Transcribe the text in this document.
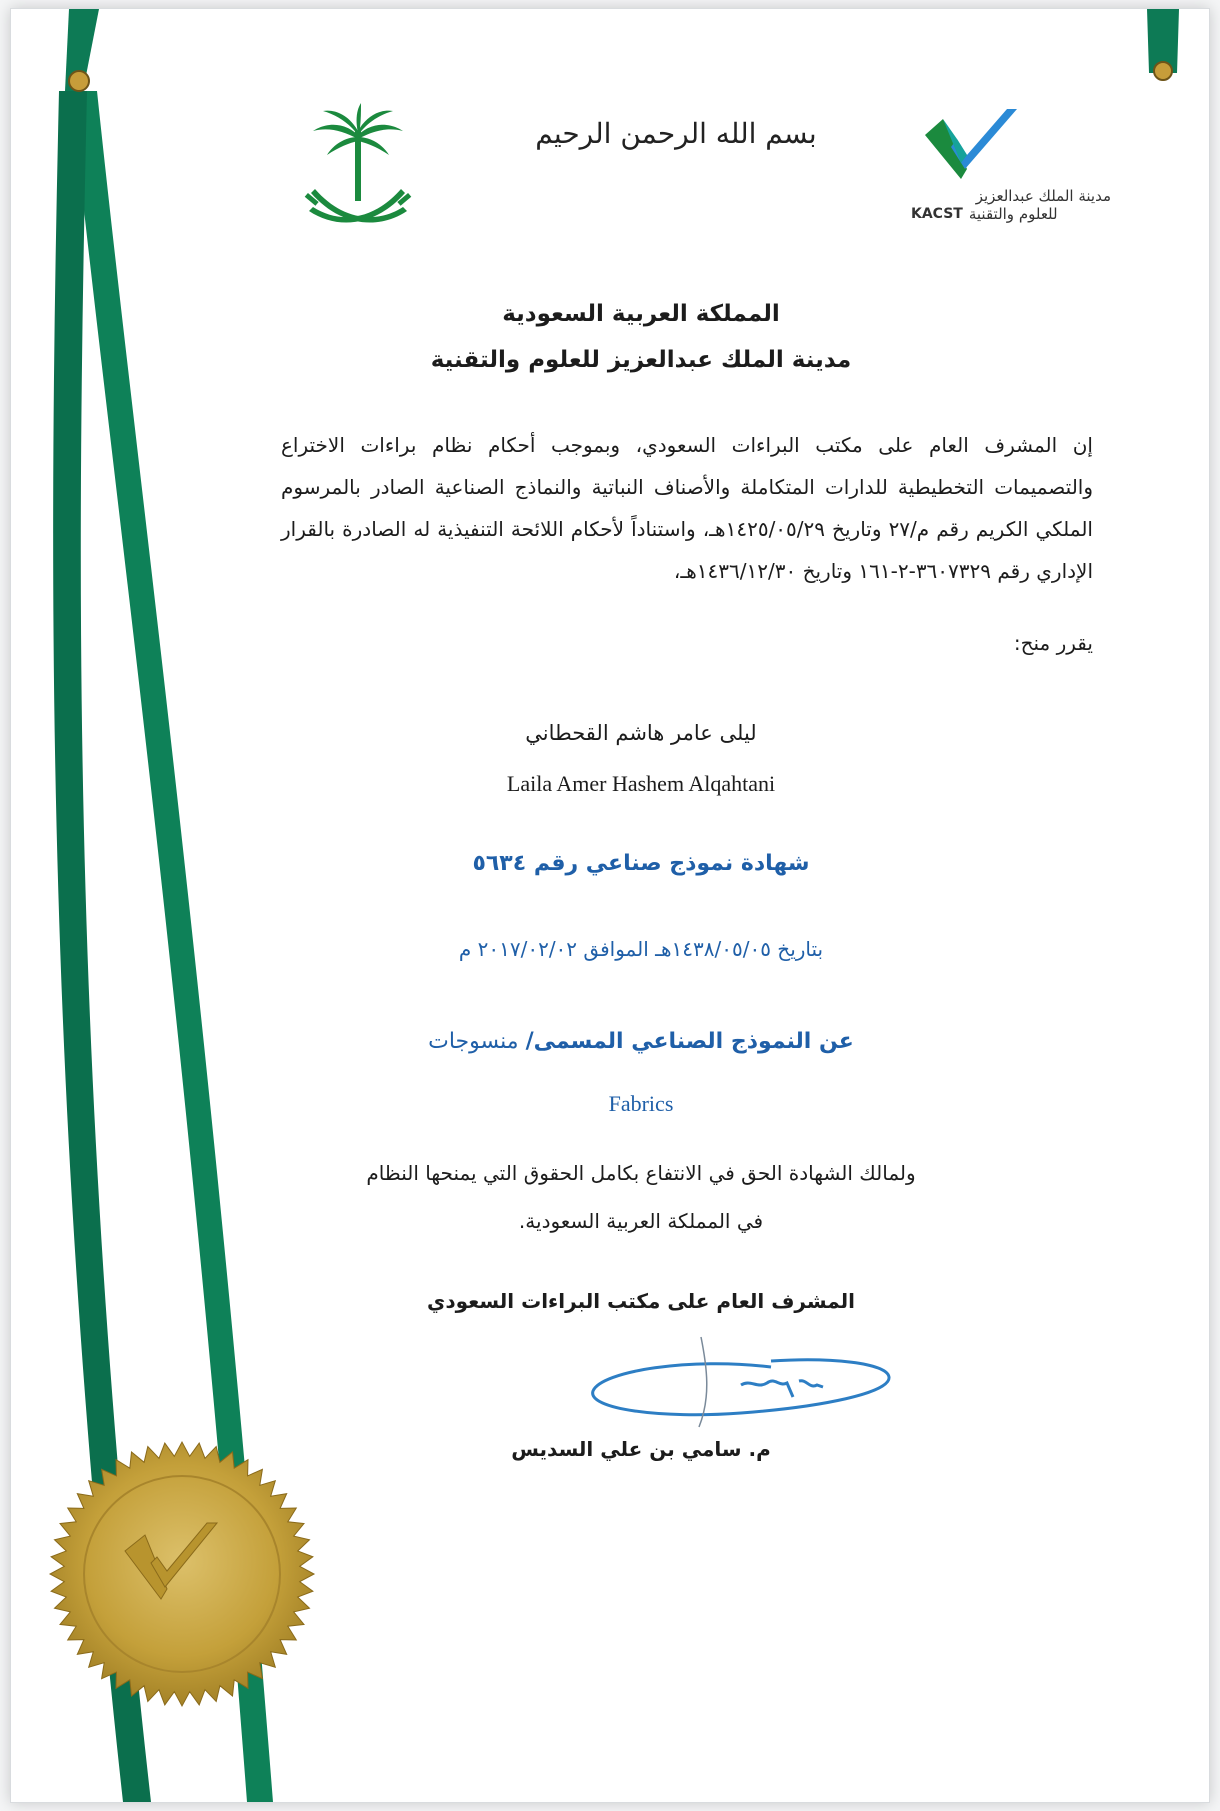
بسم الله الرحمن الرحيم
مدينة الملك عبدالعزيز
للعلوم والتقنية
KACST
المملكة العربية السعودية
مدينة الملك عبدالعزيز للعلوم والتقنية
إن المشرف العام على مكتب البراءات السعودي، وبموجب أحكام نظام براءات الاختراع والتصميمات التخطيطية للدارات المتكاملة والأصناف النباتية والنماذج الصناعية الصادر بالمرسوم الملكي الكريم رقم م/٢٧ وتاريخ ١٤٢٥/٠٥/٢٩هـ، واستناداً لأحكام اللائحة التنفيذية له الصادرة بالقرار الإداري رقم ٣٦٠٧٣٢٩-٢-١٦١ وتاريخ ١٤٣٦/١٢/٣٠هـ،
يقرر منح:
ليلى عامر هاشم القحطاني
Laila Amer Hashem Alqahtani
شهادة نموذج صناعي رقم ٥٦٣٤
بتاريخ ١٤٣٨/٠٥/٠٥هـ الموافق ٢٠١٧/٠٢/٠٢ م
عن النموذج الصناعي المسمى/ منسوجات
Fabrics
ولمالك الشهادة الحق في الانتفاع بكامل الحقوق التي يمنحها النظام
في المملكة العربية السعودية.
المشرف العام على مكتب البراءات السعودي
م. سامي بن علي السديس
